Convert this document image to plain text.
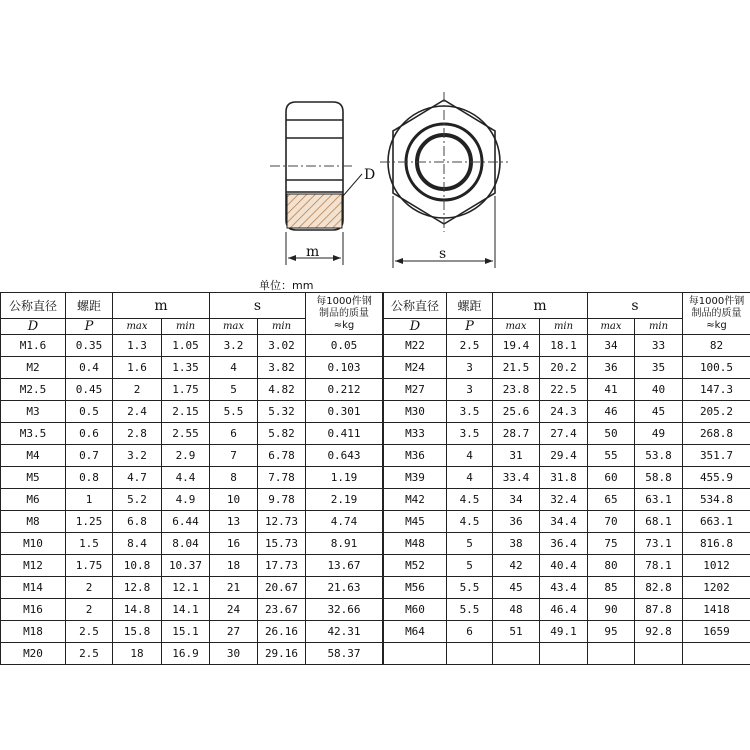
D
m	s
单位：mm
公称直径	螺距	m		s		每1000件钢
制品的质量
≈kg

D	P	max	min	max	min	

M1.6	0.35	1.3	1.05	3.2	3.02	0.05
M2	0.4	1.6	1.35	4	3.82	0.103
M2.5	0.45	2	1.75	5	4.82	0.212
M3	0.5	2.4	2.15	5.5	5.32	0.301
M3.5	0.6	2.8	2.55	6	5.82	0.411
M4	0.7	3.2	2.9	7	6.78	0.643
M5	0.8	4.7	4.4	8	7.78	1.19
M6	1	5.2	4.9	10	9.78	2.19
M8	1.25	6.8	6.44	13	12.73	4.74
M10	1.5	8.4	8.04	16	15.73	8.91
M12	1.75	10.8	10.37	18	17.73	13.67
M14	2	12.8	12.1	21	20.67	21.63
M16	2	14.8	14.1	24	23.67	32.66
M18	2.5	15.8	15.1	27	26.16	42.31
M20	2.5	18	16.9	30	29.16	58.37
公称直径	螺距	m		s		每1000件钢
制品的质量
≈kg

D	P	max	min	max	min	

M22	2.5	19.4	18.1	34	33	82
M24	3	21.5	20.2	36	35	100.5
M27	3	23.8	22.5	41	40	147.3
M30	3.5	25.6	24.3	46	45	205.2
M33	3.5	28.7	27.4	50	49	268.8
M36	4	31	29.4	55	53.8	351.7
M39	4	33.4	31.8	60	58.8	455.9
M42	4.5	34	32.4	65	63.1	534.8
M45	4.5	36	34.4	70	68.1	663.1
M48	5	38	36.4	75	73.1	816.8
M52	5	42	40.4	80	78.1	1012
M56	5.5	45	43.4	85	82.8	1202
M60	5.5	48	46.4	90	87.8	1418
M64	6	51	49.1	95	92.8	1659
